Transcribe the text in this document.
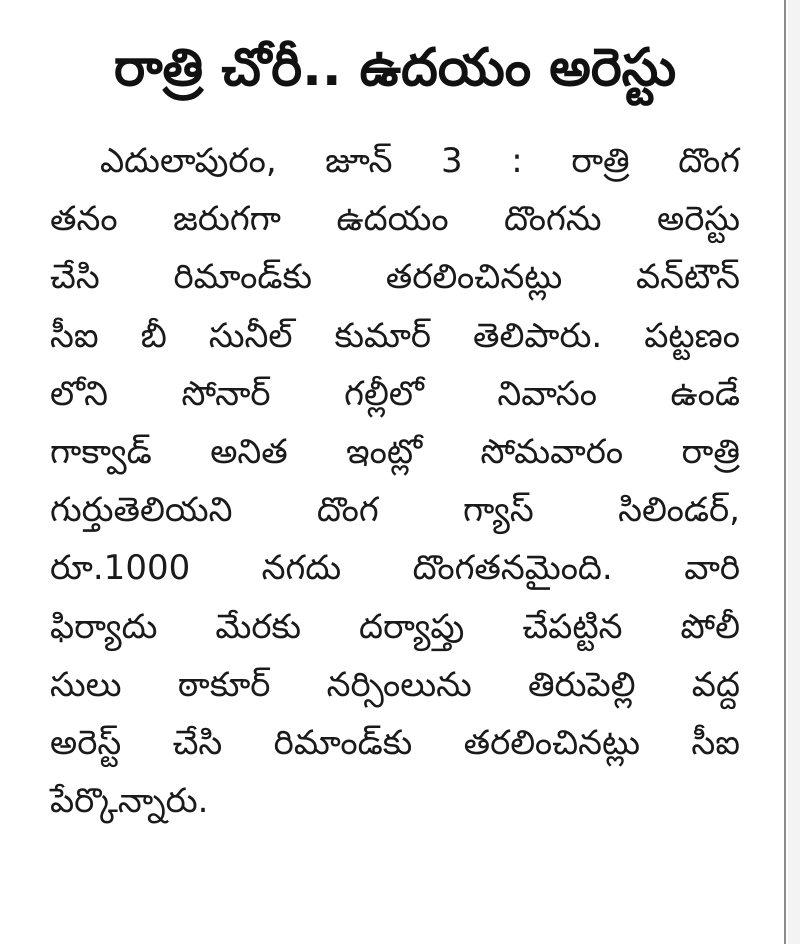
రాత్రి చోరీ.. ఉదయం అరెస్టు
ఎదులాపురం, జూన్ 3 : రాత్రి దొంగ
తనం జరుగగా ఉదయం దొంగను అరెస్టు
చేసి రిమాండ్‌కు తరలించినట్లు వన్‌టౌన్
సీఐ బీ సునీల్ కుమార్ తెలిపారు. పట్టణం
లోని సోనార్ గల్లీలో నివాసం ఉండే
గాక్వాడ్ అనిత ఇంట్లో సోమవారం రాత్రి
గుర్తుతెలియని దొంగ గ్యాస్ సిలిండర్,
రూ.1000 నగదు దొంగతనమైంది. వారి
ఫిర్యాదు మేరకు దర్యాప్తు చేపట్టిన పోలీ
సులు ఠాకూర్ నర్సింలును తిరుపెల్లి వద్ద
అరెస్ట్ చేసి రిమాండ్‌కు తరలించినట్లు సీఐ
పేర్కొన్నారు.
